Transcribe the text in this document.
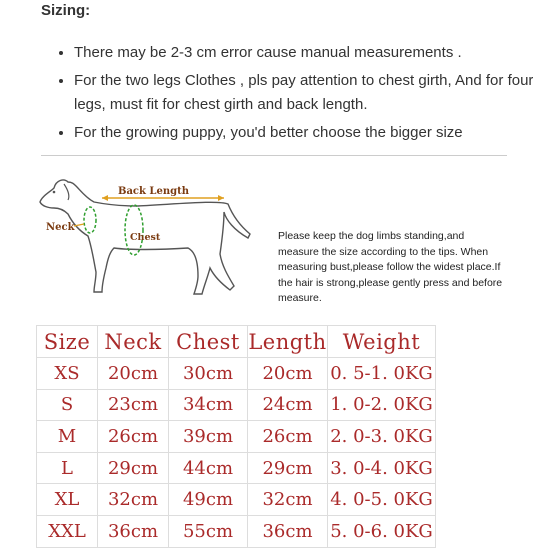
Sizing:
• There may be 2-3 cm error cause manual measurements .
• For the two legs Clothes , pls pay attention to chest girth, And for four legs, must fit for chest girth and back length.
• For the growing puppy, you'd better choose the bigger size
Back Length
Neck
Chest	Please keep the dog limbs standing,and measure the size according to the tips. When measuring bust,please follow the widest place.If the hair is strong,please gently press and before measure.
Size	Neck	Chest	Length	Weight
XS	20cm	30cm	20cm	0. 5-1. 0KG
S	23cm	34cm	24cm	1. 0-2. 0KG
M	26cm	39cm	26cm	2. 0-3. 0KG
L	29cm	44cm	29cm	3. 0-4. 0KG
XL	32cm	49cm	32cm	4. 0-5. 0KG
XXL	36cm	55cm	36cm	5. 0-6. 0KG
